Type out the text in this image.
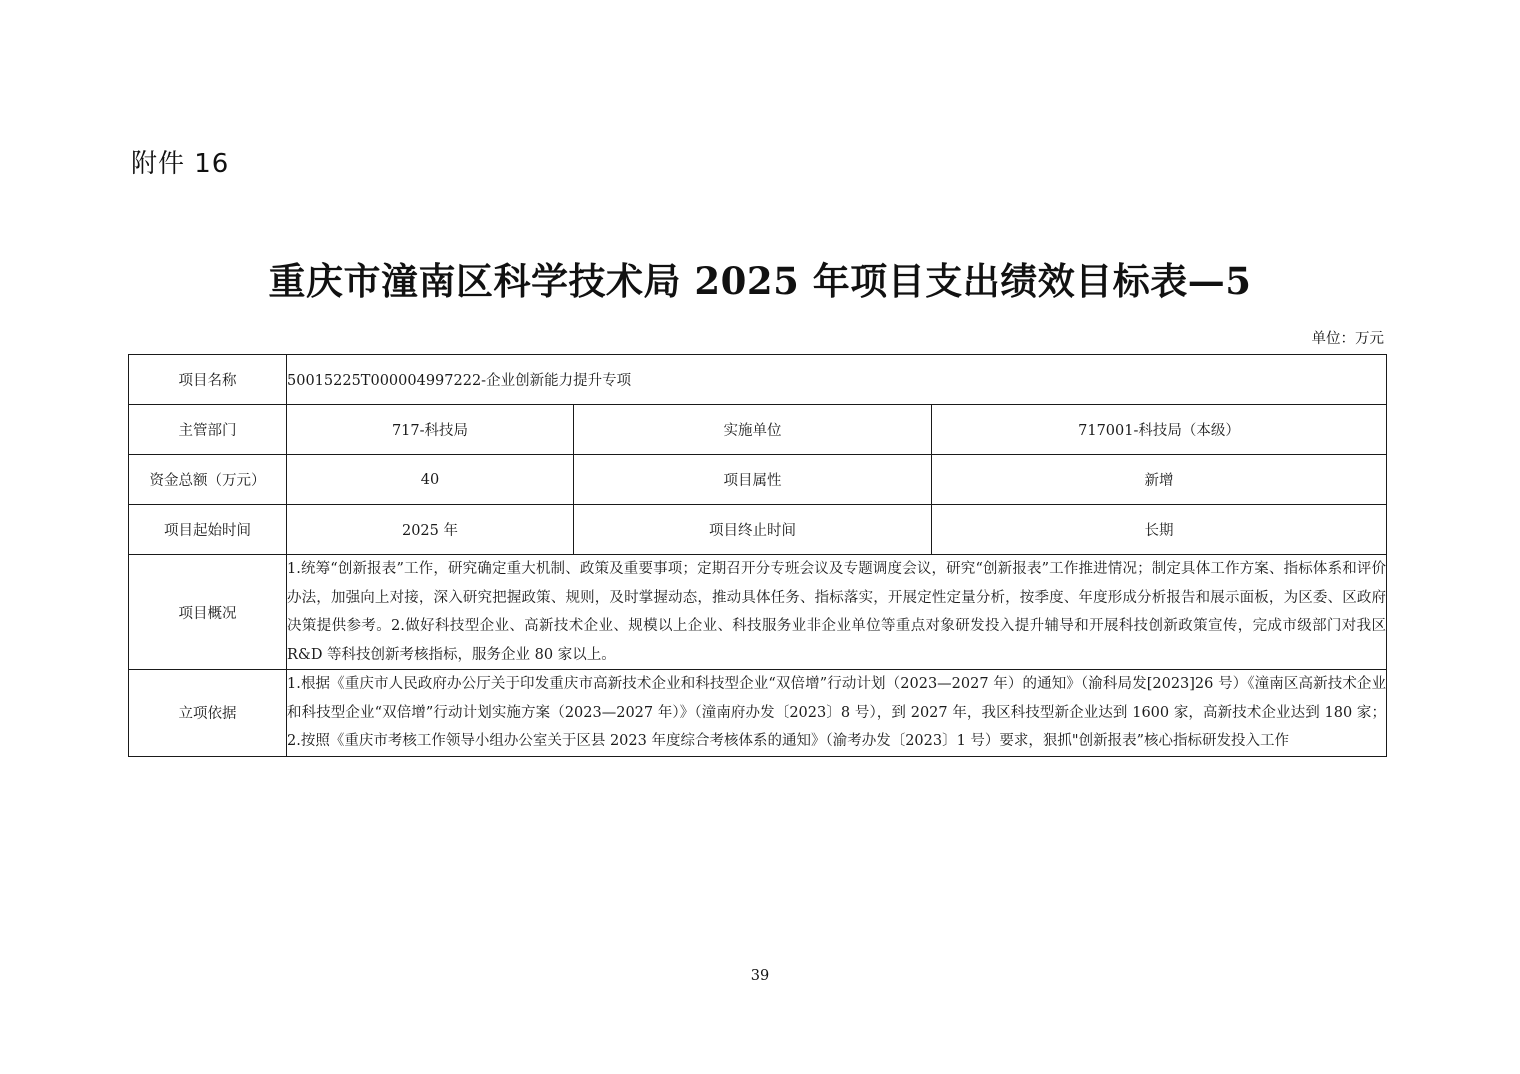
附件 16
重庆市潼南区科学技术局 2025 年项目支出绩效目标表—5
单位：万元
项目名称	50015225T000004997222-企业创新能力提升专项		
主管部门	717-科技局	实施单位	717001-科技局（本级）
资金总额（万元）	40	项目属性	新增
项目起始时间	2025 年	项目终止时间	长期
项目概况	1.统筹“创新报表”工作，研究确定重大机制、政策及重要事项；定期召开分专班会议及专题调度会议，研究“创新报表”工作推进情况；制定具体工作方案、指标体系和评价办法，加强向上对接，深入研究把握政策、规则，及时掌握动态，推动具体任务、指标落实，开展定性定量分析，按季度、年度形成分析报告和展示面板，为区委、区政府决策提供参考。2.做好科技型企业、高新技术企业、规模以上企业、科技服务业非企业单位等重点对象研发投入提升辅导和开展科技创新政策宣传，完成市级部门对我区 R&D 等科技创新考核指标，服务企业 80 家以上。		
立项依据	1.根据《重庆市人民政府办公厅关于印发重庆市高新技术企业和科技型企业“双倍增”行动计划（2023—2027 年）的通知》（渝科局发[2023]26 号）《潼南区高新技术企业和科技型企业“双倍增”行动计划实施方案（2023—2027 年）》（潼南府办发〔2023〕8 号），到 2027 年，我区科技型新企业达到 1600 家，高新技术企业达到 180 家；2.按照《重庆市考核工作领导小组办公室关于区县 2023 年度综合考核体系的通知》（渝考办发〔2023〕1 号）要求，狠抓"创新报表”核心指标研发投入工作		
39
